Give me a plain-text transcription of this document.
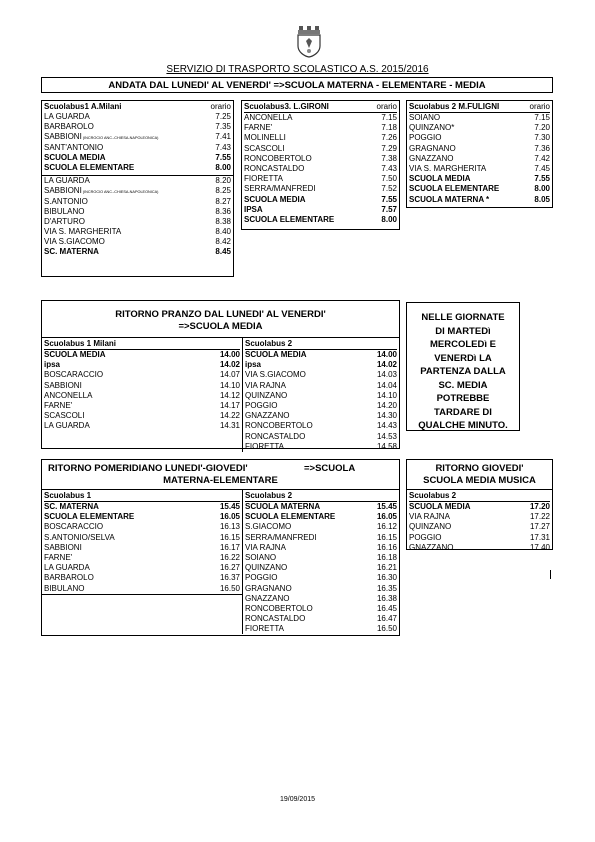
SERVIZIO DI TRASPORTO SCOLASTICO A.S. 2015/2016
ANDATA DAL LUNEDI' AL VENERDI' =>SCUOLA MATERNA - ELEMENTARE - MEDIA
Scuolabus1 A.Milani	orario
LA GUARDA	7.25
BARBAROLO	7.35
SABBIONI (INCROCIO ANC.-CHIESA-NAPOLEONICA)	7.41
SANT'ANTONIO	7.43
SCUOLA MEDIA	7.55
SCUOLA ELEMENTARE	8.00
LA GUARDA	8.20
SABBIONI (INCROCIO ANC.-CHIESA-NAPOLEONICA)	8.25
S.ANTONIO	8.27
BIBULANO	8.36
D'ARTURO	8.38
VIA S. MARGHERITA	8.40
VIA S.GIACOMO	8.42
SC. MATERNA	8.45
Scuolabus3. L.GIRONI	orario
ANCONELLA	7.15
FARNE'	7.18
MOLINELLI	7.26
SCASCOLI	7.29
RONCOBERTOLO	7.38
RONCASTALDO	7.43
FIORETTA	7.50
SERRA/MANFREDI	7.52
SCUOLA MEDIA	7.55
IPSA	7.57
SCUOLA ELEMENTARE	8.00
Scuolabus 2 M.FULIGNI	orario
SOIANO	7.15
QUINZANO*	7.20
POGGIO	7.30
GRAGNANO	7.36
GNAZZANO	7.42
VIA S. MARGHERITA	7.45
SCUOLA MEDIA	7.55
SCUOLA ELEMENTARE	8.00
SCUOLA MATERNA *	8.05
RITORNO PRANZO DAL LUNEDI' AL VENERDI'
=>SCUOLA MEDIA
Scuolabus 1 Milani
SCUOLA MEDIA	14.00
ipsa	14.02
BOSCARACCIO	14.07
SABBIONI	14.10
ANCONELLA	14.12
FARNE'	14.17
SCASCOLI	14.22
LA GUARDA	14.31
Scuolabus 2
SCUOLA MEDIA	14.00
ipsa	14.02
VIA S.GIACOMO	14.03
VIA RAJNA	14.04
QUINZANO	14.10
POGGIO	14.20
GNAZZANO	14.30
RONCOBERTOLO	14.43
RONCASTALDO	14.53
FIORETTA	14.58
NELLE GIORNATE
DI MARTEDì
MERCOLEDì E
VENERDì LA
PARTENZA DALLA
SC. MEDIA
POTREBBE
TARDARE DI
QUALCHE MINUTO.
RITORNO POMERIDIANO LUNEDI'-GIOVEDI'	=>SCUOLA
MATERNA-ELEMENTARE
Scuolabus 1
SC. MATERNA	15.45
SCUOLA ELEMENTARE	16.05
BOSCARACCIO	16.13
S.ANTONIO/SELVA	16.15
SABBIONI	16.17
FARNE'	16.22
LA GUARDA	16.27
BARBAROLO	16.37
BIBULANO	16.50
Scuolabus 2
SCUOLA MATERNA	15.45
SCUOLA ELEMENTARE	16.05
S.GIACOMO	16.12
SERRA/MANFREDI	16.15
VIA RAJNA	16.16
SOIANO	16.18
QUINZANO	16.21
POGGIO	16.30
GRAGNANO	16.35
GNAZZANO	16.38
RONCOBERTOLO	16.45
RONCASTALDO	16.47
FIORETTA	16.50
RITORNO GIOVEDI'
SCUOLA MEDIA MUSICA
Scuolabus 2
SCUOLA MEDIA	17.20
VIA RAJNA	17.22
QUINZANO	17.27
POGGIO	17.31
GNAZZANO	17.40
19/09/2015
